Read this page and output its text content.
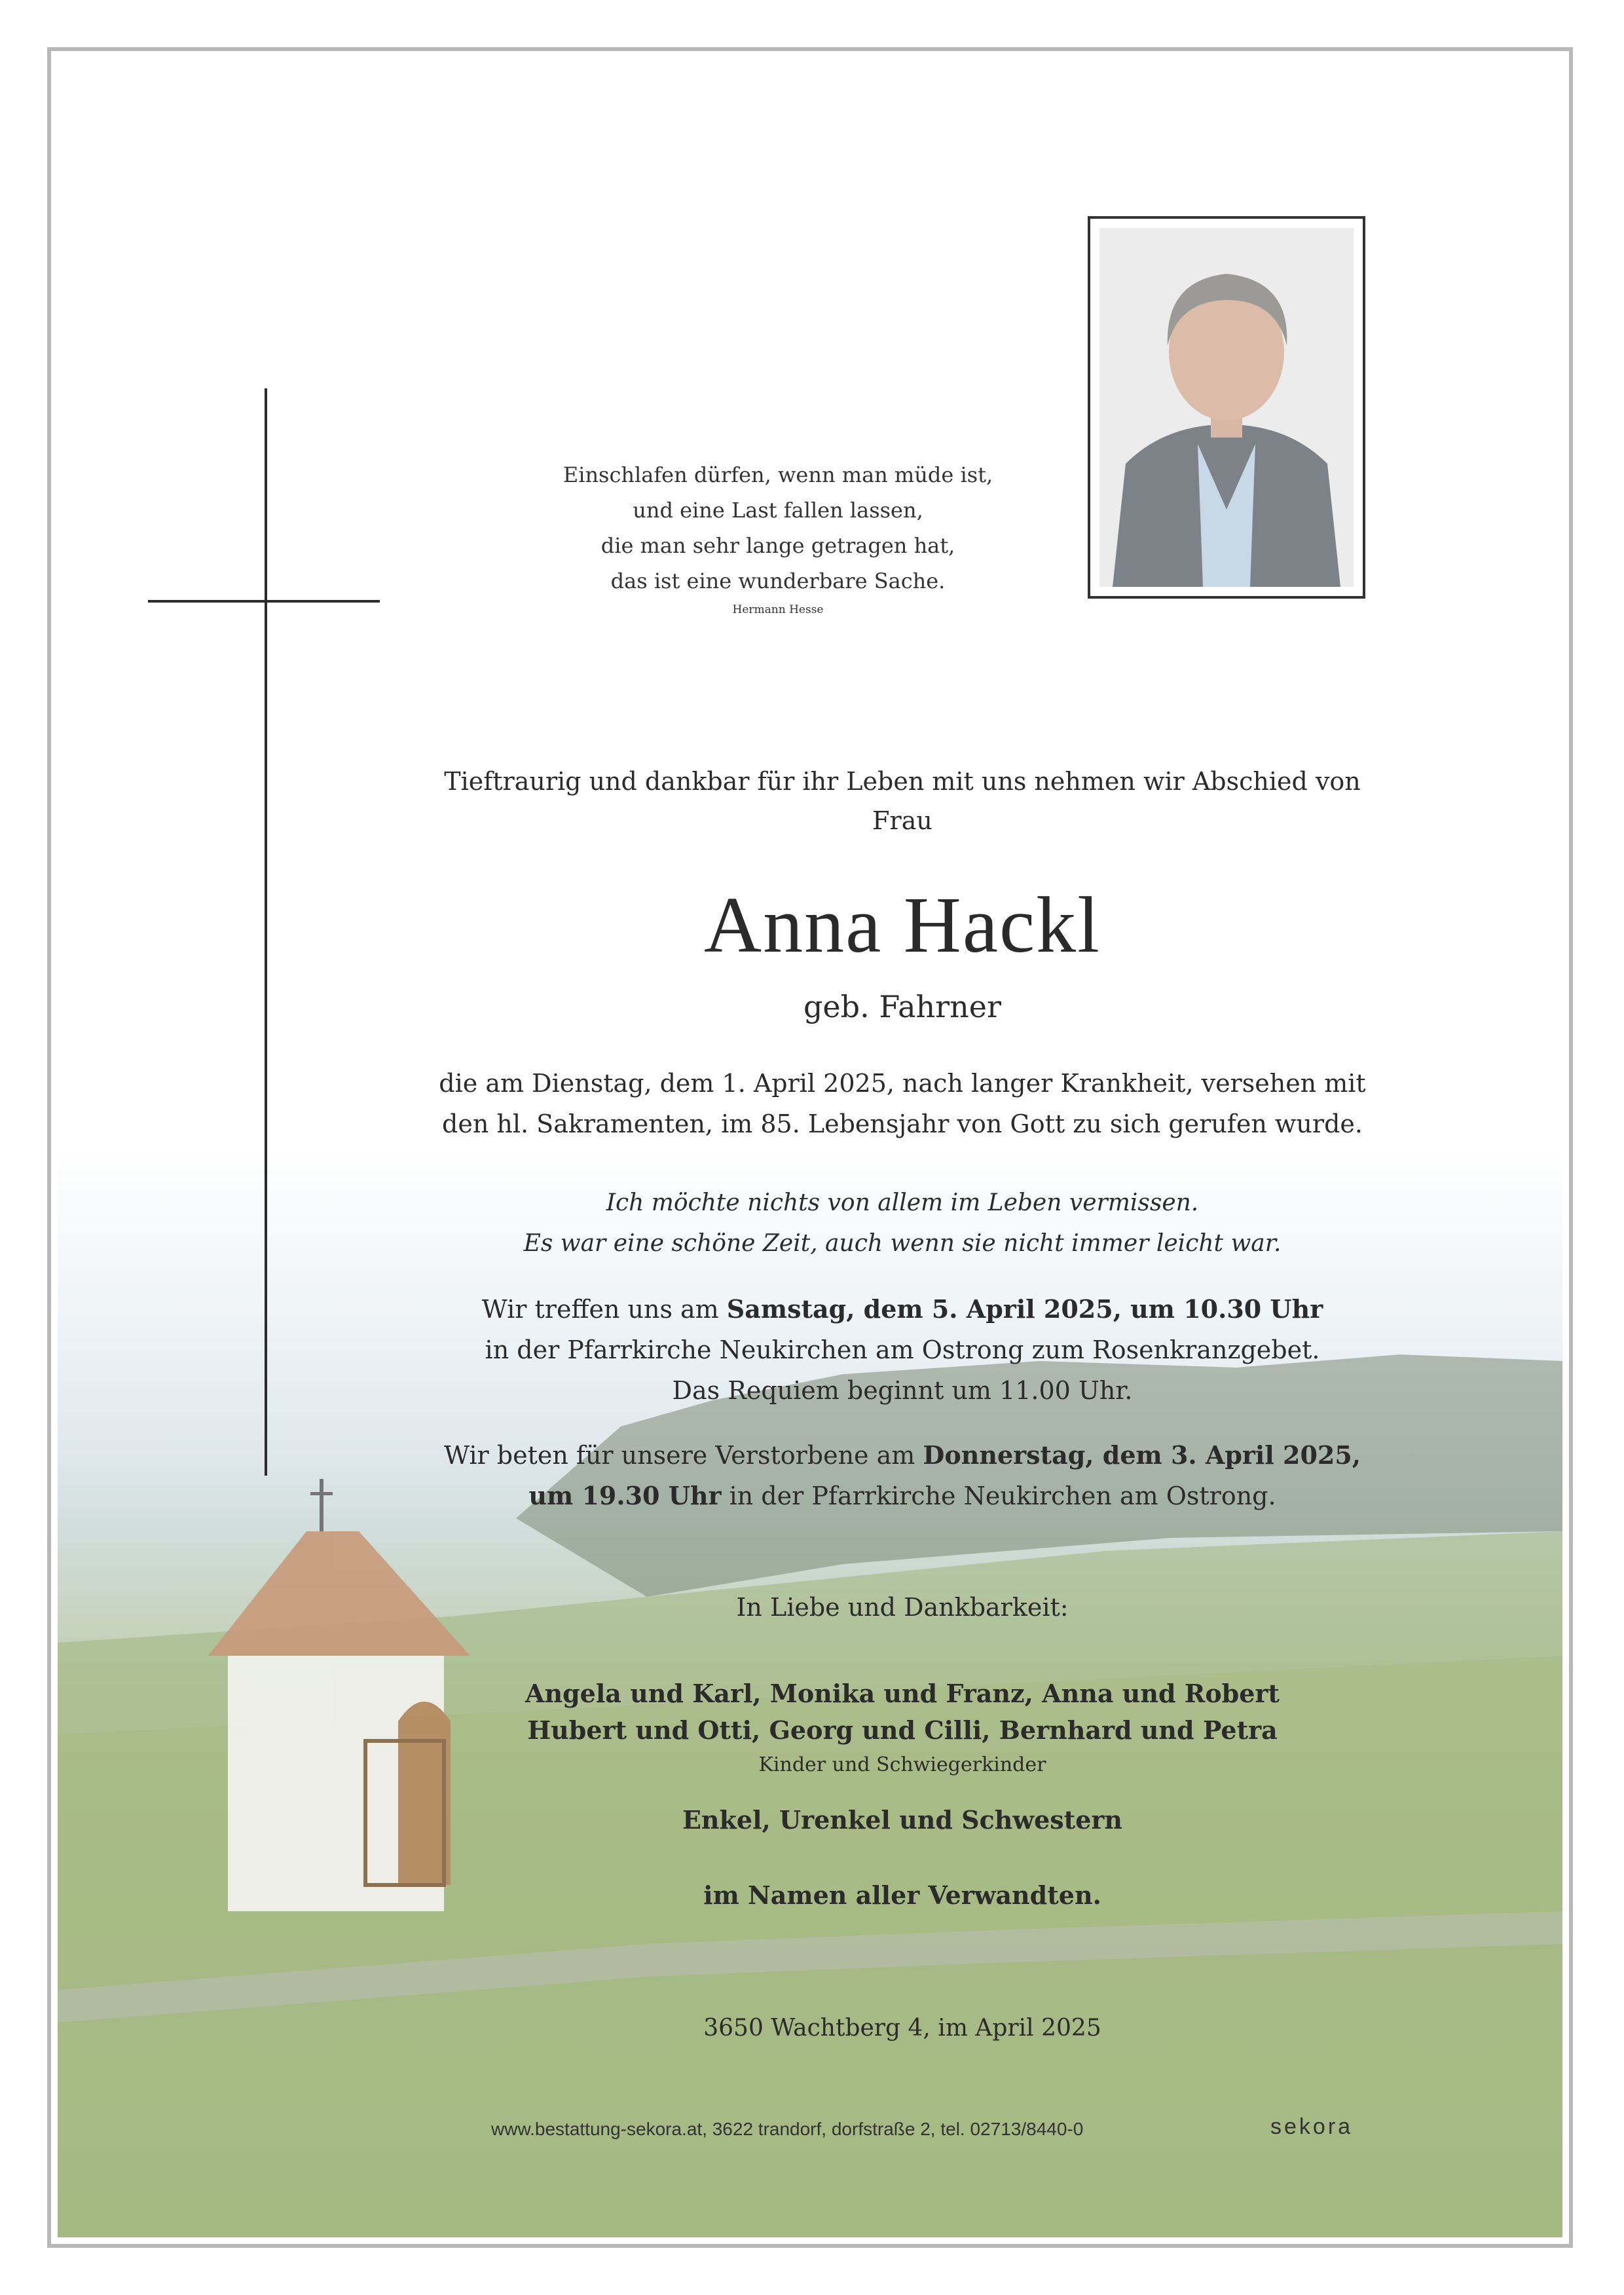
Einschlafen dürfen, wenn man müde ist,
und eine Last fallen lassen,
die man sehr lange getragen hat,
das ist eine wunderbare Sache.
Hermann Hesse
Tieftraurig und dankbar für ihr Leben mit uns nehmen wir Abschied von
Frau
Anna Hackl
geb. Fahrner
die am Dienstag, dem 1. April 2025, nach langer Krankheit, versehen mit
den hl. Sakramenten, im 85. Lebensjahr von Gott zu sich gerufen wurde.
Ich möchte nichts von allem im Leben vermissen.
Es war eine schöne Zeit, auch wenn sie nicht immer leicht war.
Wir treffen uns am Samstag, dem 5. April 2025, um 10.30 Uhr
in der Pfarrkirche Neukirchen am Ostrong zum Rosenkranzgebet.
Das Requiem beginnt um 11.00 Uhr.
Wir beten für unsere Verstorbene am Donnerstag, dem 3. April 2025,
um 19.30 Uhr in der Pfarrkirche Neukirchen am Ostrong.
In Liebe und Dankbarkeit:
Angela und Karl, Monika und Franz, Anna und Robert
Hubert und Otti, Georg und Cilli, Bernhard und Petra
Kinder und Schwiegerkinder
Enkel, Urenkel und Schwestern
im Namen aller Verwandten.
3650 Wachtberg 4, im April 2025
www.bestattung-sekora.at, 3622 trandorf, dorfstraße 2, tel. 02713/8440-0	sekora
